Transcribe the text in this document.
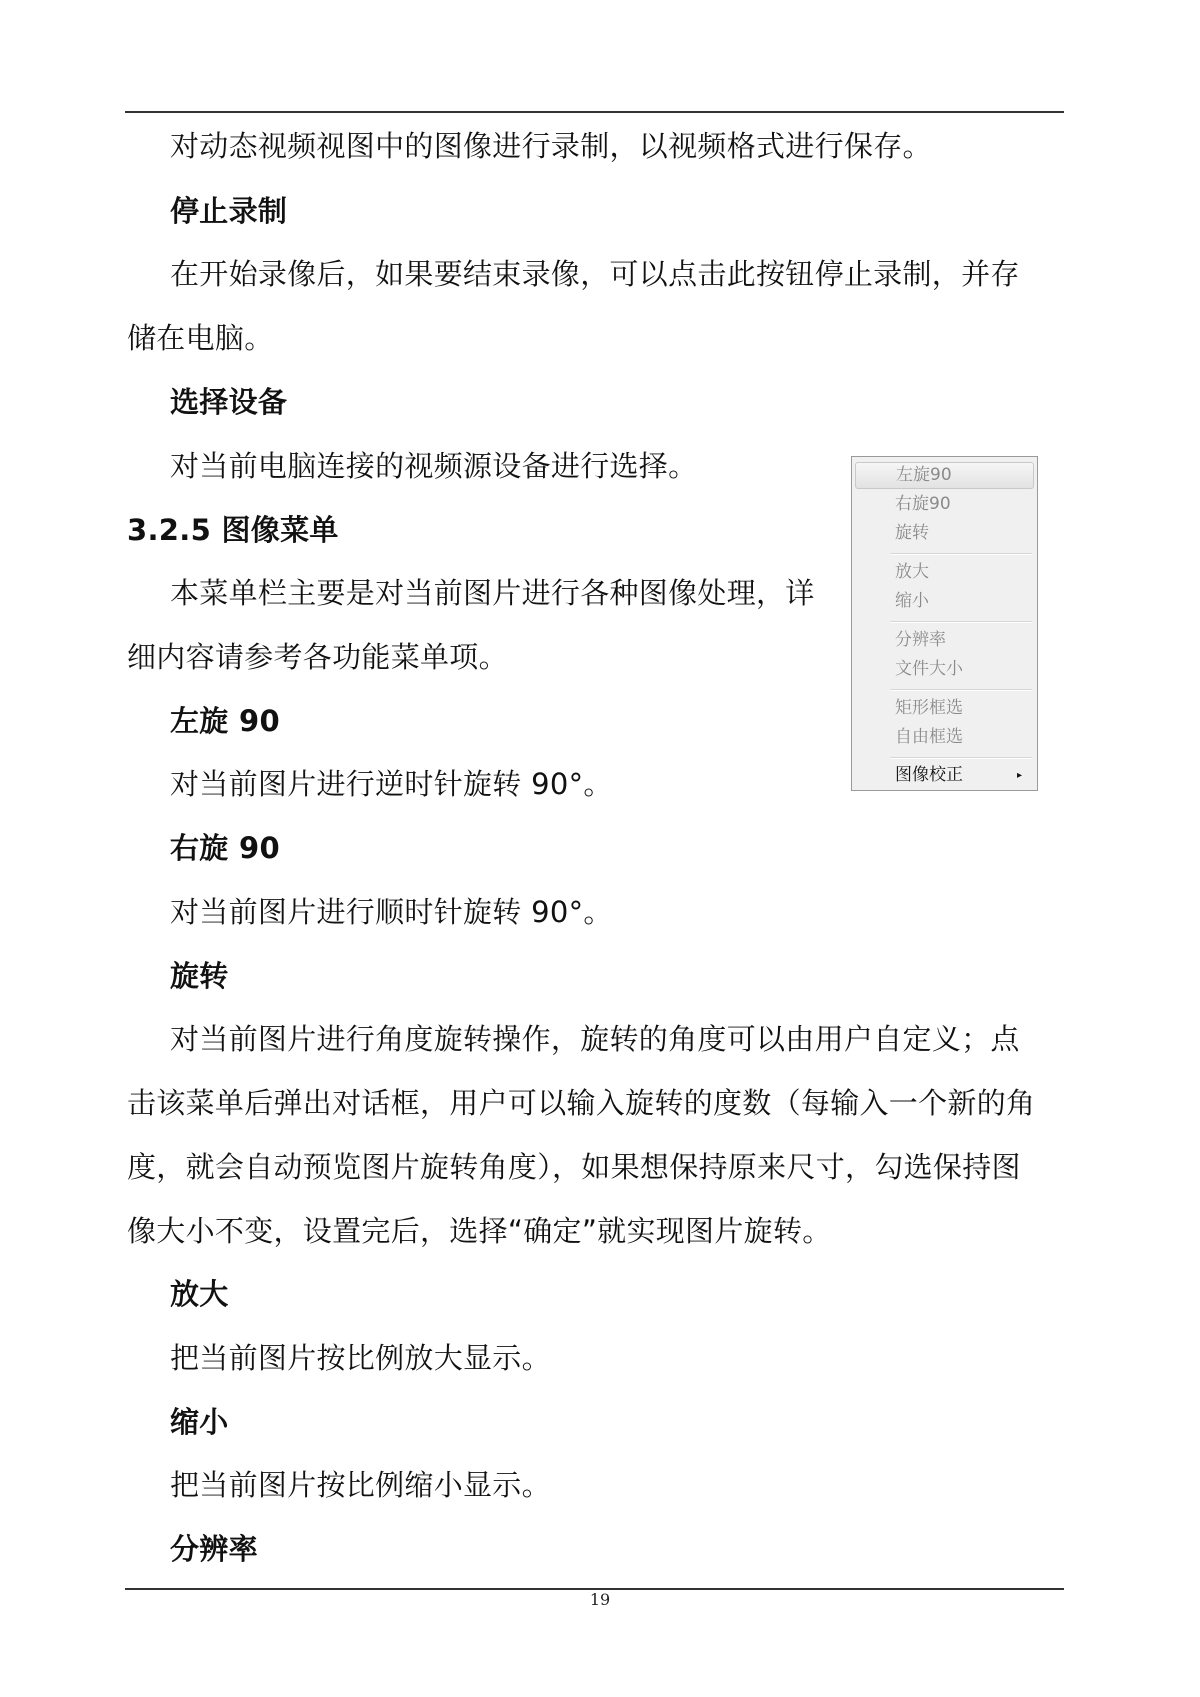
对动态视频视图中的图像进行录制，以视频格式进行保存。
停止录制
在开始录像后，如果要结束录像，可以点击此按钮停止录制，并存
储在电脑。
选择设备
对当前电脑连接的视频源设备进行选择。
3.2.5 图像菜单
本菜单栏主要是对当前图片进行各种图像处理，详
细内容请参考各功能菜单项。
左旋 90
对当前图片进行逆时针旋转 90°。
右旋 90
对当前图片进行顺时针旋转 90°。
旋转
对当前图片进行角度旋转操作，旋转的角度可以由用户自定义；点
击该菜单后弹出对话框，用户可以输入旋转的度数（每输入一个新的角
度，就会自动预览图片旋转角度），如果想保持原来尺寸，勾选保持图
像大小不变，设置完后，选择“确定”就实现图片旋转。
放大
把当前图片按比例放大显示。
缩小
把当前图片按比例缩小显示。
分辨率
左旋90
右旋90
旋转
放大
缩小
分辨率
文件大小
矩形框选
自由框选
图像校正	▸
19
